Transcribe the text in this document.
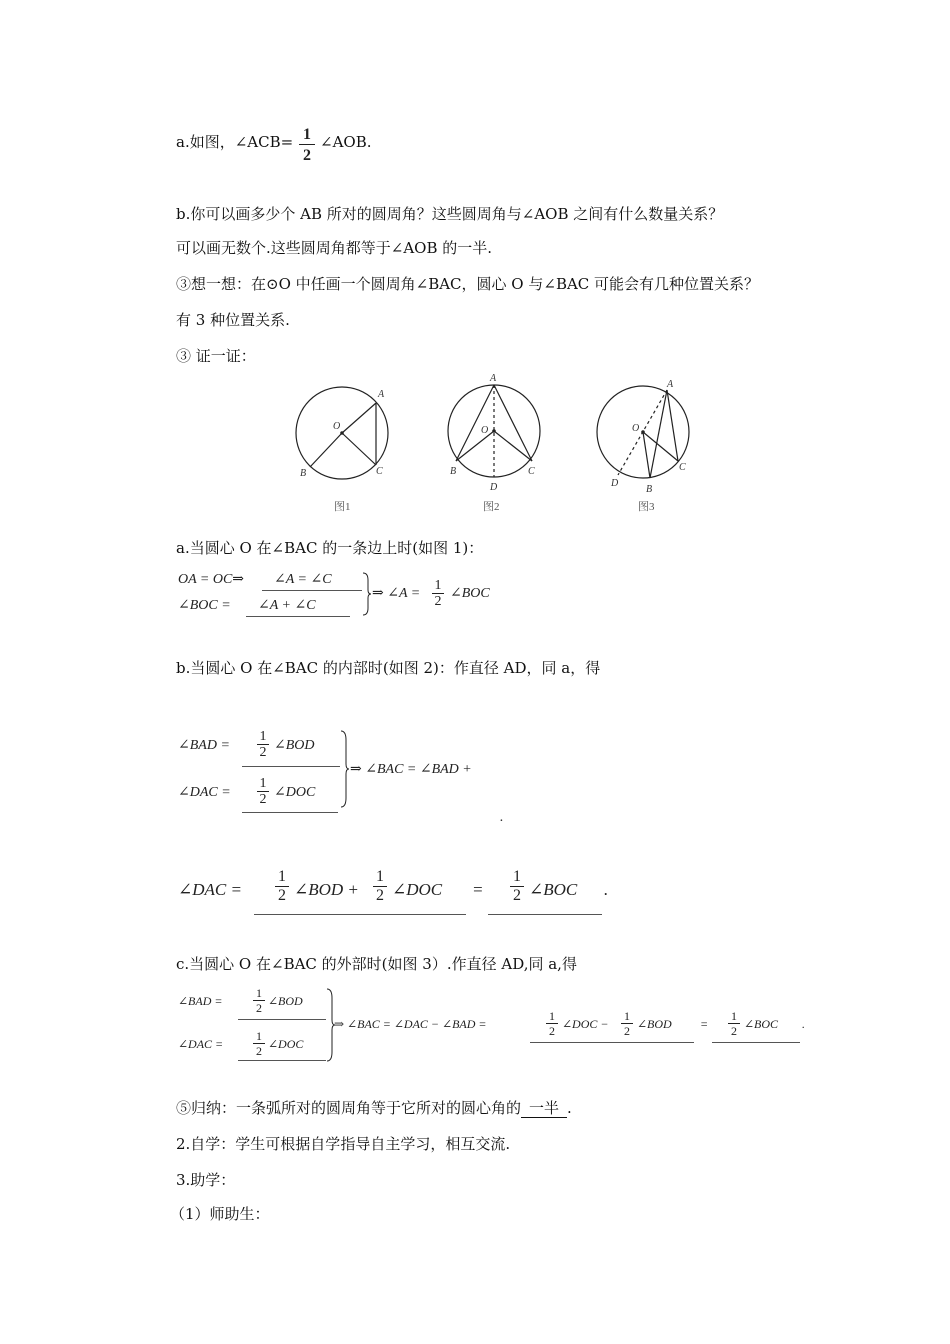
a.如图，∠ACB= 1
2
∠AOB.
b.你可以画多少个 AB 所对的圆周角？这些圆周角与∠AOB 之间有什么数量关系？
可以画无数个.这些圆周角都等于∠AOB 的一半.
③想一想：在⊙O 中任画一个圆周角∠BAC，圆心 O 与∠BAC 可能会有几种位置关系？
有 3 种位置关系.
③ 证一证：
O
A
B	C
图1
O
A
B	C
D
图2
O
A
B
C
D
图3
a.当圆心 O 在∠BAC 的一条边上时(如图 1)：
OA = OC⇒ ∠A = ∠C
∠BOC = ∠A + ∠C
⇒ ∠A =
1
2
∠BOC
b.当圆心 O 在∠BAC 的内部时(如图 2)：作直径 AD，同 a，得
∠BAD =
1
2 ∠BOD
∠DAC =
1
2 ∠DOC
⇒ ∠BAC = ∠BAD +
.
∠DAC =
1
2 ∠BOD +
1
2 ∠DOC =
1
2 ∠BOC .
c.当圆心 O 在∠BAC 的外部时(如图 3）.作直径 AD,同 a,得
∠BAD =
1
2 ∠BOD
∠DAC =
1
2 ∠DOC
⇒ ∠BAC = ∠DAC − ∠BAD =
1
2 ∠DOC −
1
2 ∠BOD =
1
2 ∠BOC .
⑤归纳：一条弧所对的圆周角等于它所对的圆心角的 一半 .
2.自学：学生可根据自学指导自主学习，相互交流.
3.助学：
（1）师助生：
